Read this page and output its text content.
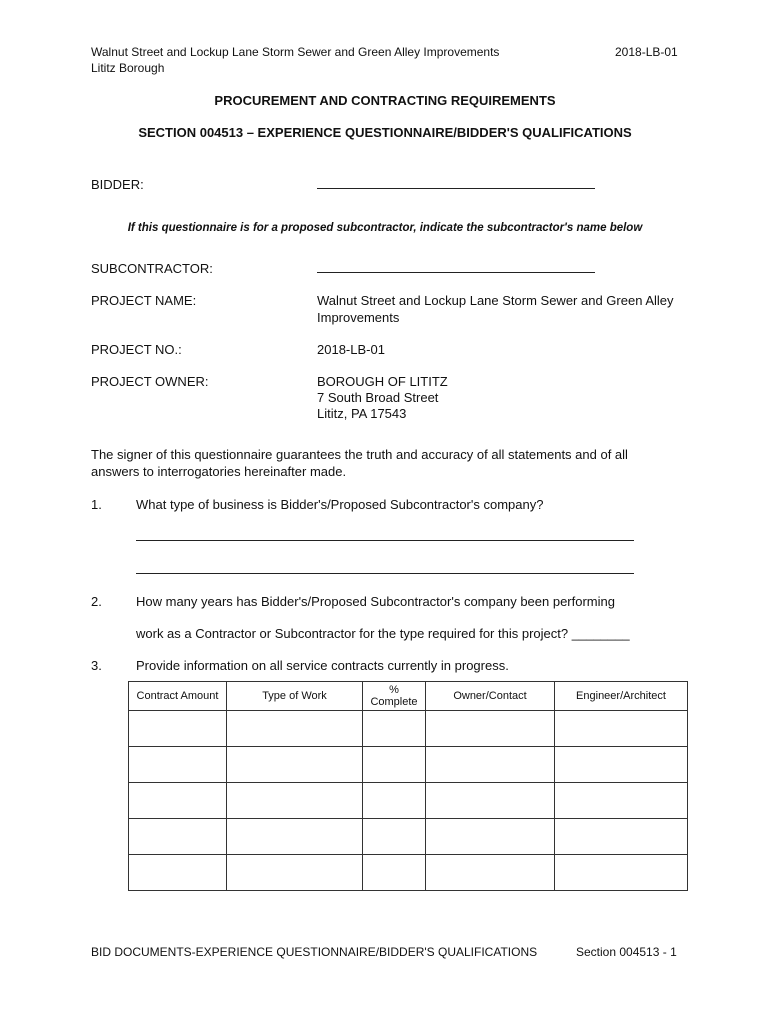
Walnut Street and Lockup Lane Storm Sewer and Green Alley Improvements
Lititz Borough
2018-LB-01
PROCUREMENT AND CONTRACTING REQUIREMENTS
SECTION 004513 – EXPERIENCE QUESTIONNAIRE/BIDDER'S QUALIFICATIONS
BIDDER:
If this questionnaire is for a proposed subcontractor, indicate the subcontractor's name below
SUBCONTRACTOR:
PROJECT NAME:	Walnut Street and Lockup Lane Storm Sewer and Green Alley
Improvements
PROJECT NO.:	2018-LB-01
PROJECT OWNER:	BOROUGH OF LITITZ
7 South Broad Street
Lititz, PA 17543
The signer of this questionnaire guarantees the truth and accuracy of all statements and of all
answers to interrogatories hereinafter made.
1.	What type of business is Bidder's/Proposed Subcontractor's company?
2.	How many years has Bidder's/Proposed Subcontractor's company been performing
work as a Contractor or Subcontractor for the type required for this project? ________
3.	Provide information on all service contracts currently in progress.
Contract Amount	Type of Work	%
Complete	Owner/Contact	Engineer/Architect

BID DOCUMENTS-EXPERIENCE QUESTIONNAIRE/BIDDER'S QUALIFICATIONS	Section 004513 - 1
